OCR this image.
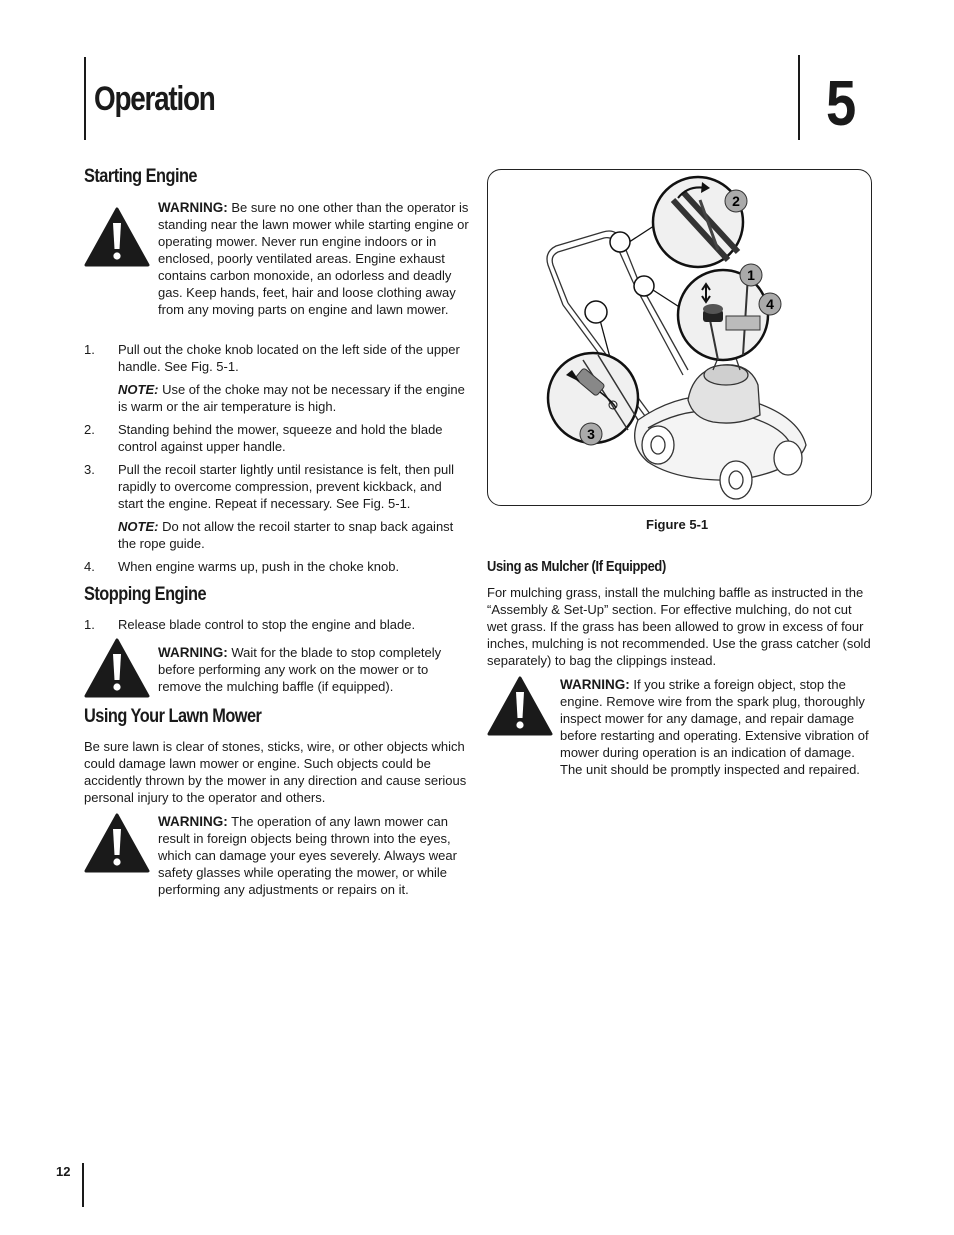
Operation	5
Starting Engine
WARNING: Be sure no one other than the operator is standing near the lawn mower while starting engine or operating mower. Never run engine indoors or in enclosed, poorly ventilated areas. Engine exhaust contains carbon monoxide, an odorless and deadly gas. Keep hands, feet, hair and loose clothing away from any moving parts on engine and lawn mower.
1. Pull out the choke knob located on the left side of the upper handle. See Fig. 5-1.
NOTE: Use of the choke may not be necessary if the engine is warm or the air temperature is high.
2. Standing behind the mower, squeeze and hold the blade control against upper handle.
3. Pull the recoil starter lightly until resistance is felt, then pull rapidly to overcome compression, prevent kickback, and start the engine. Repeat if necessary. See Fig. 5-1.
NOTE: Do not allow the recoil starter to snap back against the rope guide.
4. When engine warms up, push in the choke knob.
Stopping Engine
1. Release blade control to stop the engine and blade.
WARNING: Wait for the blade to stop completely before performing any work on the mower or to remove the mulching baffle (if equipped).
Using Your Lawn Mower

Be sure lawn is clear of stones, sticks, wire, or other objects which could damage lawn mower or engine. Such objects could be accidently thrown by the mower in any direction and cause serious personal injury to the operator and others.

WARNING: The operation of any lawn mower can result in foreign objects being thrown into the eyes, which can damage your eyes severely. Always wear safety glasses while operating the mower, or while performing any adjustments or repairs on it.
2
1
4
3
Figure 5-1
Using as Mulcher (If Equipped)

For mulching grass, install the mulching baffle as instructed in the “Assembly & Set-Up” section. For effective mulching, do not cut wet grass. If the grass has been allowed to grow in excess of four inches, mulching is not recommended. Use the grass catcher (sold separately) to bag the clippings instead.

WARNING: If you strike a foreign object, stop the engine. Remove wire from the spark plug, thoroughly inspect mower for any damage, and repair damage before restarting and operating. Extensive vibration of mower during operation is an indication of damage. The unit should be promptly inspected and repaired.
12
